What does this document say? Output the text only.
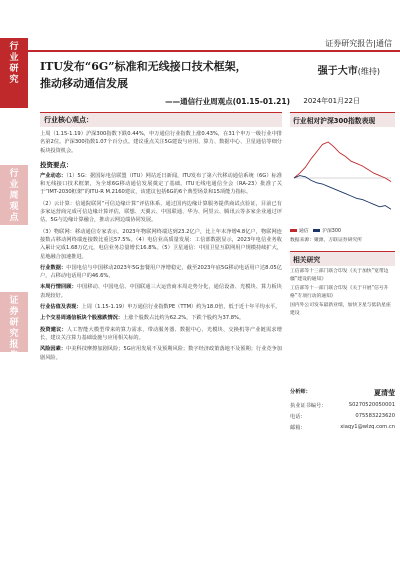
行业研究
行业周观点
证券研究报告
证券研究报告|通信
ITU发布“6G”标准和无线接口技术框架，
推动移动通信发展
——通信行业周观点(01.15-01.21)
强于大市(维持)
2024年01月22日
行业核心观点：
上周（1.15-1.19）沪深300指数下跌0.44%，申万通信行业指数上涨0.43%，在31个申万一级行业中排名第2位。沪深300指数1.07个百分点。建议重点关注5G建设与应用、算力、数据中心、卫星通信等细分板块投资机会。
投资要点：
产业动态：（1）5G：据国际电信联盟（ITU）网站近日新闻，ITU发布了第六代移动通信系统（6G）标准和无线接口技术框架，为全球6G移动通信发展奠定了基础。ITU无线电通信全会（RA-23）批准了关于“IMT-2030框架”的ITU-R M.2160建议，该建议包括6G的6个典型场景和15项能力指标。
（2）云计算：信通院联同“可信边缘计算”评估体系，通过国内边缘计算服务提供商试点验证，目前已有多家运营商完成可信边缘计算评估，联想、天翼云、中国联通、华为、阿里云、腾讯云等多家企业通过评估。5G与边缘计算融合，推动云网边端协同发展。
（3）物联网：移动通信专家表示，2023年物联网终端达到23.2亿户，比上年末净增4.8亿户，物联网连接数占移动网终端连接数比重达57.5%。（4）电信业高质量发展：工信部数据显示，2023年电信业务收入累计完成1.68万亿元，电信业务总量增长16.8%。（5）卫星通信：中国卫星互联网用户规模持续扩大，星地融合加速推进。
行业数据：中国电信与中国移动2023年5G套餐用户净增稳定，截至2023年底5G移动电话用户达8.05亿户，占移动电话用户的46.6%。
本周行情回顾：中国移动、中国电信、中国联通三大运营商本周走势分化，通信设备、光模块、算力板块表现较好。
行业估值及表现：上周（1.15-1.19）申万通信行业指数PE（TTM）约为18.0倍，低于近十年平均水平。
上个交易周通信板块个股涨跌情况：上涨个股数占比约为62.2%，下跌个股约为37.8%。
投资建议：人工智能大模型带来的算力需求，带动服务器、数据中心、光模块、交换机等产业链需求增长，建议关注算力基础设施与应用相关标的。
风险因素：中美科技摩擦加剧风险；5G应用发展不及预期风险；数字经济政策落地不及预期；行业竞争加剧风险。
行业相对沪深300指数表现
通信	沪深300
数据来源：聚源，万联证券研究所
相关研究
工信部等十三部门联合印发《关于加快“宽带边疆”建设的通知》
工信部等十一部门联合印发《关于开展“信号升格”专项行动的通知》
国内外公司发布最新业绩，加快卫星与低轨星座建设
分析师：	夏清莹
执业证书编号：	S0270520050001
电话：	075583223620
邮箱：	xiaqy1@wlzq.com.cn
